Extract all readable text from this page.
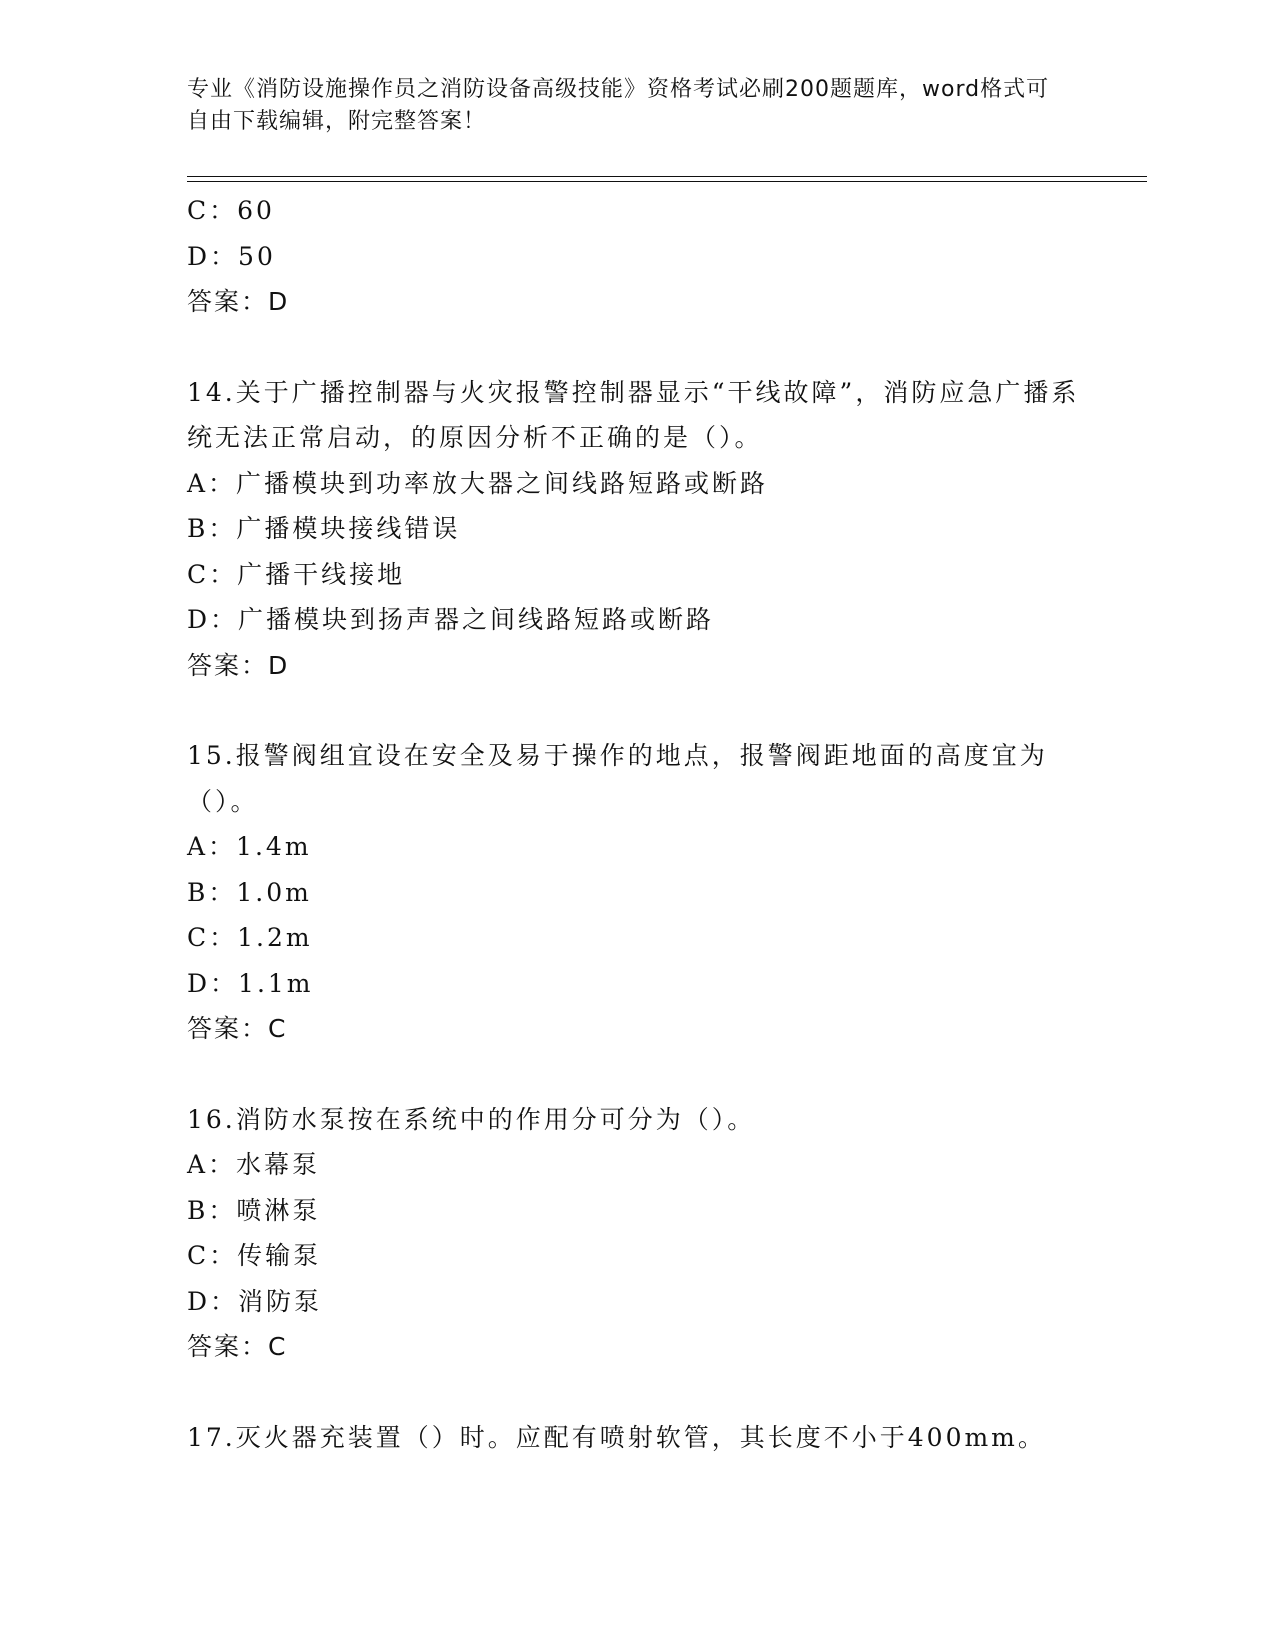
专业《消防设施操作员之消防设备高级技能》资格考试必刷200题题库，word格式可自由下载编辑，附完整答案！
C：60
D：50
答案：D
14.关于广播控制器与火灾报警控制器显示“干线故障”，消防应急广播系统无法正常启动，的原因分析不正确的是（）。
A：广播模块到功率放大器之间线路短路或断路
B：广播模块接线错误
C：广播干线接地
D：广播模块到扬声器之间线路短路或断路
答案：D
15.报警阀组宜设在安全及易于操作的地点，报警阀距地面的高度宜为（）。
A：1.4m
B：1.0m
C：1.2m
D：1.1m
答案：C
16.消防水泵按在系统中的作用分可分为（）。
A：水幕泵
B：喷淋泵
C：传输泵
D：消防泵
答案：C
17.灭火器充装置（）时。应配有喷射软管，其长度不小于400mm。
